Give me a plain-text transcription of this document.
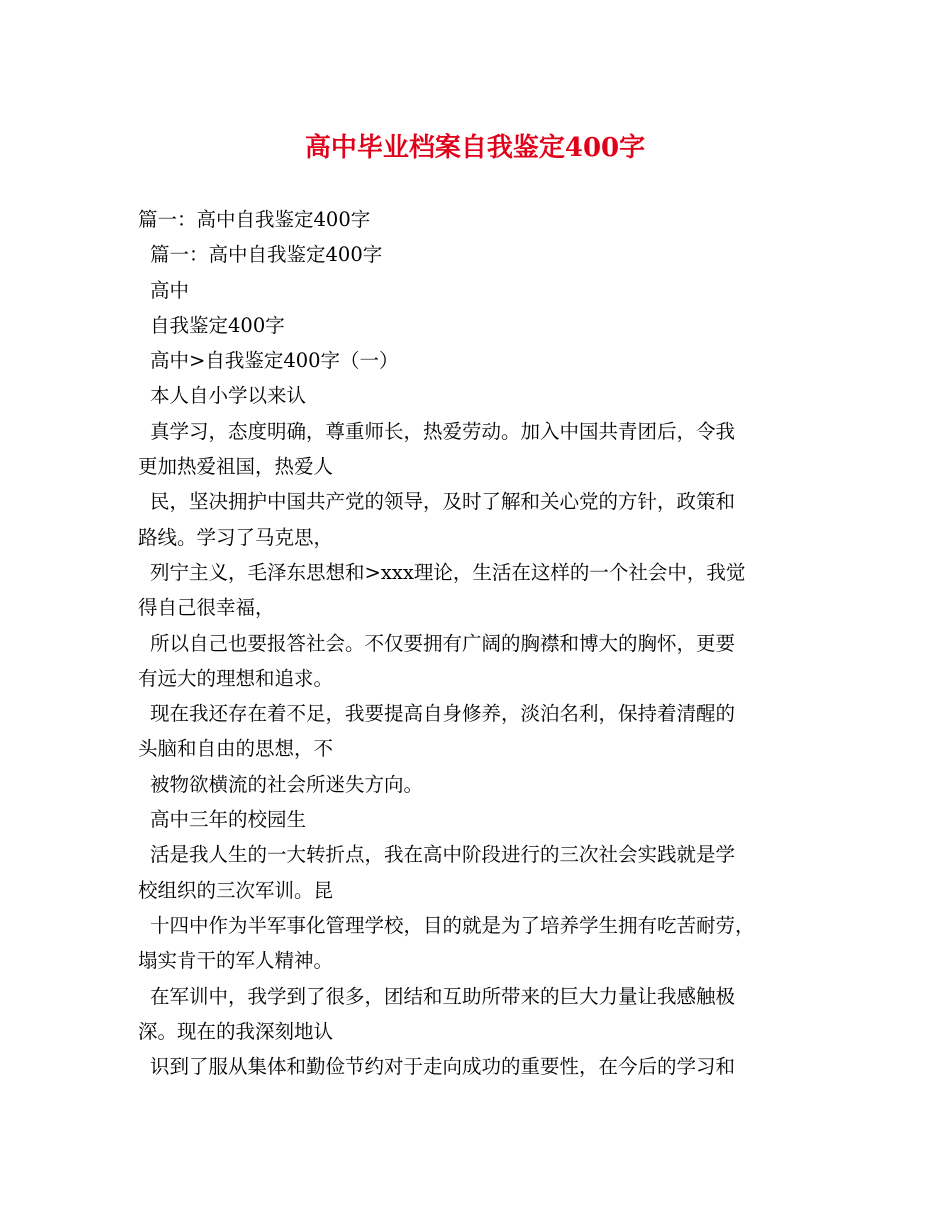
高中毕业档案自我鉴定400字
篇一：高中自我鉴定400字
篇一：高中自我鉴定400字
高中
自我鉴定400字
高中>自我鉴定400字（一）
本人自小学以来认
真学习，态度明确，尊重师长，热爱劳动。加入中国共青团后，令我
更加热爱祖国，热爱人
民，坚决拥护中国共产党的领导，及时了解和关心党的方针，政策和
路线。学习了马克思，
列宁主义，毛泽东思想和>xxx理论，生活在这样的一个社会中，我觉
得自己很幸福，
所以自己也要报答社会。不仅要拥有广阔的胸襟和博大的胸怀，更要
有远大的理想和追求。
现在我还存在着不足，我要提高自身修养，淡泊名利，保持着清醒的
头脑和自由的思想，不
被物欲横流的社会所迷失方向。
高中三年的校园生
活是我人生的一大转折点，我在高中阶段进行的三次社会实践就是学
校组织的三次军训。昆
十四中作为半军事化管理学校，目的就是为了培养学生拥有吃苦耐劳，
塌实肯干的军人精神。
在军训中，我学到了很多，团结和互助所带来的巨大力量让我感触极
深。现在的我深刻地认
识到了服从集体和勤俭节约对于走向成功的重要性，在今后的学习和
